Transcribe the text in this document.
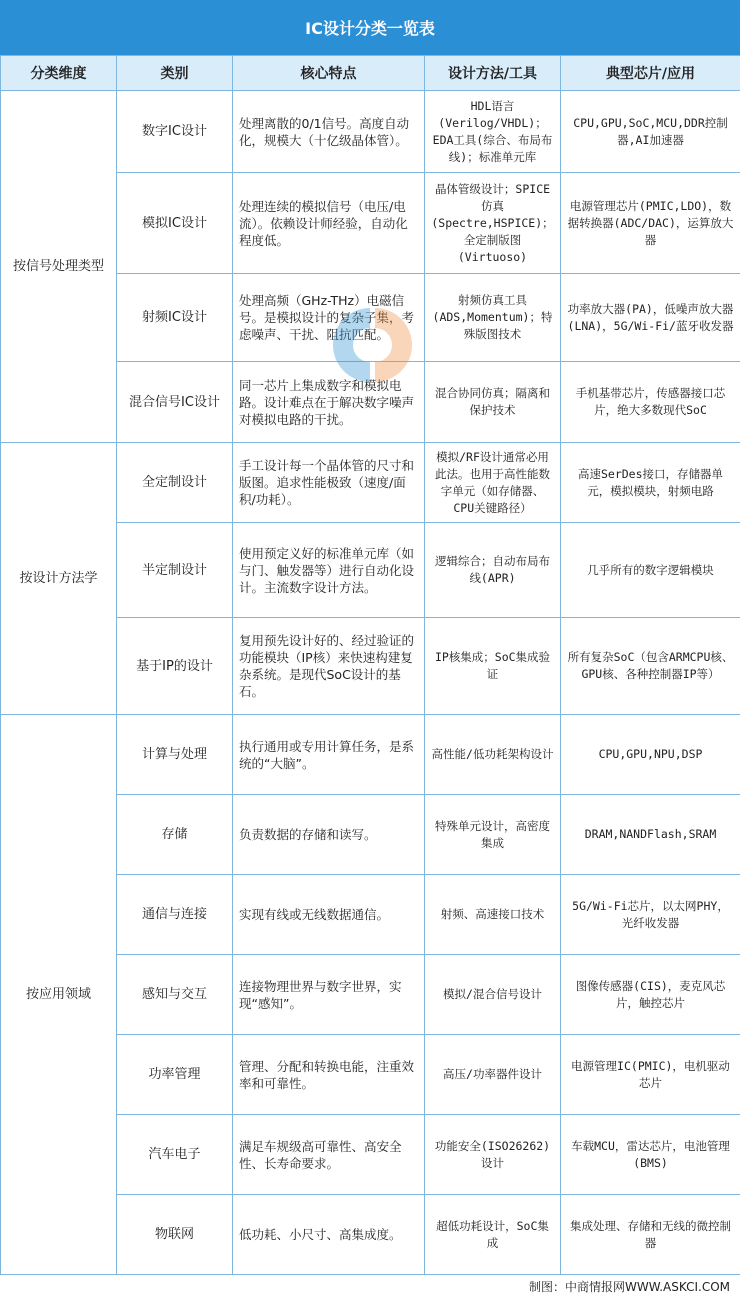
IC设计分类一览表
分类维度	类别	核心特点	设计方法/工具	典型芯片/应用
按信号处理类型	数字IC设计	处理离散的0/1信号。高度自动化，规模大（十亿级晶体管）。	HDL语言(Verilog/VHDL)；EDA工具(综合、布局布线)；标准单元库	CPU,GPU,SoC,MCU,DDR控制器,AI加速器
	模拟IC设计	处理连续的模拟信号（电压/电流）。依赖设计师经验，自动化程度低。	晶体管级设计；SPICE仿真(Spectre,HSPICE)；全定制版图(Virtuoso)	电源管理芯片(PMIC,LDO)，数据转换器(ADC/DAC)，运算放大器
	射频IC设计	处理高频（GHz-THz）电磁信号。是模拟设计的复杂子集，考虑噪声、干扰、阻抗匹配。	射频仿真工具(ADS,Momentum)；特殊版图技术	功率放大器(PA)，低噪声放大器(LNA)，5G/Wi-Fi/蓝牙收发器
	混合信号IC设计	同一芯片上集成数字和模拟电路。设计难点在于解决数字噪声对模拟电路的干扰。	混合协同仿真；隔离和保护技术	手机基带芯片，传感器接口芯片，绝大多数现代SoC
按设计方法学	全定制设计	手工设计每一个晶体管的尺寸和版图。追求性能极致（速度/面积/功耗）。	模拟/RF设计通常必用此法。也用于高性能数字单元（如存储器、CPU关键路径）	高速SerDes接口，存储器单元，模拟模块，射频电路
	半定制设计	使用预定义好的标准单元库（如与门、触发器等）进行自动化设计。主流数字设计方法。	逻辑综合；自动布局布线(APR)	几乎所有的数字逻辑模块
	基于IP的设计	复用预先设计好的、经过验证的功能模块（IP核）来快速构建复杂系统。是现代SoC设计的基石。	IP核集成；SoC集成验证	所有复杂SoC（包含ARMCPU核、GPU核、各种控制器IP等）
按应用领域	计算与处理	执行通用或专用计算任务，是系统的“大脑”。	高性能/低功耗架构设计	CPU,GPU,NPU,DSP
	存储	负责数据的存储和读写。	特殊单元设计，高密度集成	DRAM,NANDFlash,SRAM
	通信与连接	实现有线或无线数据通信。	射频、高速接口技术	5G/Wi-Fi芯片，以太网PHY，光纤收发器
	感知与交互	连接物理世界与数字世界，实现“感知”。	模拟/混合信号设计	图像传感器(CIS)，麦克风芯片，触控芯片
	功率管理	管理、分配和转换电能，注重效率和可靠性。	高压/功率器件设计	电源管理IC(PMIC)，电机驱动芯片
	汽车电子	满足车规级高可靠性、高安全性、长寿命要求。	功能安全(ISO26262)设计	车载MCU，雷达芯片，电池管理(BMS)
	物联网	低功耗、小尺寸、高集成度。	超低功耗设计，SoC集成	集成处理、存储和无线的微控制器
制图：中商情报网WWW.ASKCI.COM
